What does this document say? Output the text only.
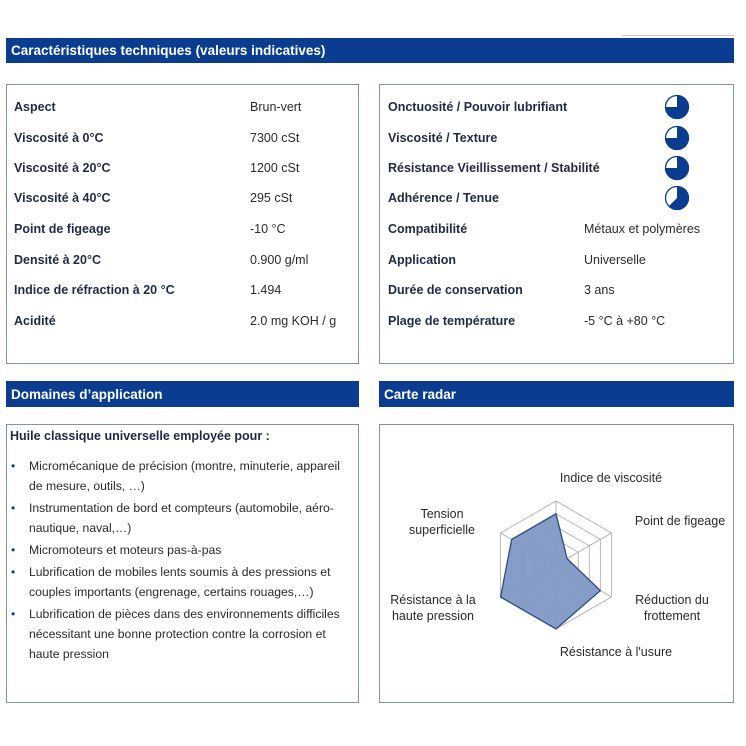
Caractéristiques techniques (valeurs indicatives)
Domaines d’application
Huile classique universelle employée pour :
• Micromécanique de précision (montre, minuterie, appareil de mesure, outils, …)
• Instrumentation de bord et compteurs (automobile, aéro-nautique, naval,…)
• Micromoteurs et moteurs pas-à-pas
• Lubrification de mobiles lents soumis à des pressions et couples importants (engrenage, certains rouages,…)
• Lubrification de pièces dans des environnements difficiles nécessitant une bonne protection contre la corrosion et haute pression
Carte radar
Indice de viscosité
Point de figeage
Réduction du frottement
Résistance à l'usure
Résistance à la haute pression
Tension superficielle
Aspect	Brun-vert
Viscosité à 0°C	7300 cSt
Viscosité à 20°C	1200 cSt
Viscosité à 40°C	295 cSt
Point de figeage	-10 °C
Densité à 20°C	0.900 g/ml
Indice de réfraction à 20 °C	1.494
Acidité	2.0 mg KOH / g
Onctuosité / Pouvoir lubrifiant
Viscosité / Texture
Résistance Vieillissement / Stabilité
Adhérence / Tenue
Compatibilité	Métaux et polymères
Application	Universelle
Durée de conservation	3 ans
Plage de température	-5 °C à +80 °C
